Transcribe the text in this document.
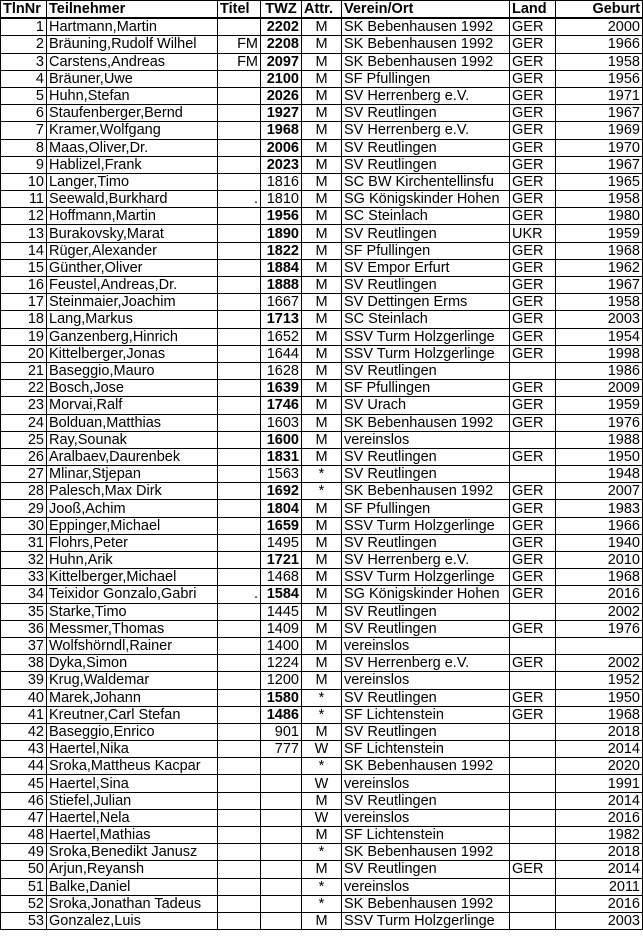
TlnNr	Teilnehmer	Titel	TWZ	Attr.	Verein/Ort	Land	Geburt
1	Hartmann,Martin		2202	M	SK Bebenhausen 1992	GER	2000
2	Bräuning,Rudolf Wilhel	FM	2208	M	SK Bebenhausen 1992	GER	1966
3	Carstens,Andreas	FM	2097	M	SK Bebenhausen 1992	GER	1958
4	Bräuner,Uwe		2100	M	SF Pfullingen	GER	1956
5	Huhn,Stefan		2026	M	SV Herrenberg e.V.	GER	1971
6	Staufenberger,Bernd		1927	M	SV Reutlingen	GER	1967
7	Kramer,Wolfgang		1968	M	SV Herrenberg e.V.	GER	1969
8	Maas,Oliver,Dr.		2006	M	SV Reutlingen	GER	1970
9	Hablizel,Frank		2023	M	SV Reutlingen	GER	1967
10	Langer,Timo		1816	M	SC BW Kirchentellinsfu	GER	1965
11	Seewald,Burkhard	.	1810	M	SG Königskinder Hohen	GER	1958
12	Hoffmann,Martin		1956	M	SC Steinlach	GER	1980
13	Burakovsky,Marat		1890	M	SV Reutlingen	UKR	1959
14	Rüger,Alexander		1822	M	SF Pfullingen	GER	1968
15	Günther,Oliver		1884	M	SV Empor Erfurt	GER	1962
16	Feustel,Andreas,Dr.		1888	M	SV Reutlingen	GER	1967
17	Steinmaier,Joachim		1667	M	SV Dettingen Erms	GER	1958
18	Lang,Markus		1713	M	SC Steinlach	GER	2003
19	Ganzenberg,Hinrich		1652	M	SSV Turm Holzgerlinge	GER	1954
20	Kittelberger,Jonas		1644	M	SSV Turm Holzgerlinge	GER	1998
21	Baseggio,Mauro		1628	M	SV Reutlingen		1986
22	Bosch,Jose		1639	M	SF Pfullingen	GER	2009
23	Morvai,Ralf		1746	M	SV Urach	GER	1959
24	Bolduan,Matthias		1603	M	SK Bebenhausen 1992	GER	1976
25	Ray,Sounak		1600	M	vereinslos		1988
26	Aralbaev,Daurenbek		1831	M	SV Reutlingen	GER	1950
27	Mlinar,Stjepan		1563	*	SV Reutlingen		1948
28	Palesch,Max Dirk		1692	*	SK Bebenhausen 1992	GER	2007
29	Jooß,Achim		1804	M	SF Pfullingen	GER	1983
30	Eppinger,Michael		1659	M	SSV Turm Holzgerlinge	GER	1966
31	Flohrs,Peter		1495	M	SV Reutlingen	GER	1940
32	Huhn,Arik		1721	M	SV Herrenberg e.V.	GER	2010
33	Kittelberger,Michael		1468	M	SSV Turm Holzgerlinge	GER	1968
34	Teixidor Gonzalo,Gabri	.	1584	M	SG Königskinder Hohen	GER	2016
35	Starke,Timo		1445	M	SV Reutlingen		2002
36	Messmer,Thomas		1409	M	SV Reutlingen	GER	1976
37	Wolfshörndl,Rainer		1400	M	vereinslos		
38	Dyka,Simon		1224	M	SV Herrenberg e.V.	GER	2002
39	Krug,Waldemar		1200	M	vereinslos		1952
40	Marek,Johann		1580	*	SV Reutlingen	GER	1950
41	Kreutner,Carl Stefan		1486	*	SF Lichtenstein	GER	1968
42	Baseggio,Enrico		901	M	SV Reutlingen		2018
43	Haertel,Nika		777	W	SF Lichtenstein		2014
44	Sroka,Mattheus Kacpar			*	SK Bebenhausen 1992		2020
45	Haertel,Sina			W	vereinslos		1991
46	Stiefel,Julian			M	SV Reutlingen		2014
47	Haertel,Nela			W	vereinslos		2016
48	Haertel,Mathias			M	SF Lichtenstein		1982
49	Sroka,Benedikt Janusz			*	SK Bebenhausen 1992		2018
50	Arjun,Reyansh			M	SV Reutlingen	GER	2014
51	Balke,Daniel			*	vereinslos		2011
52	Sroka,Jonathan Tadeus			*	SK Bebenhausen 1992		2016
53	Gonzalez,Luis			M	SSV Turm Holzgerlinge		2003
